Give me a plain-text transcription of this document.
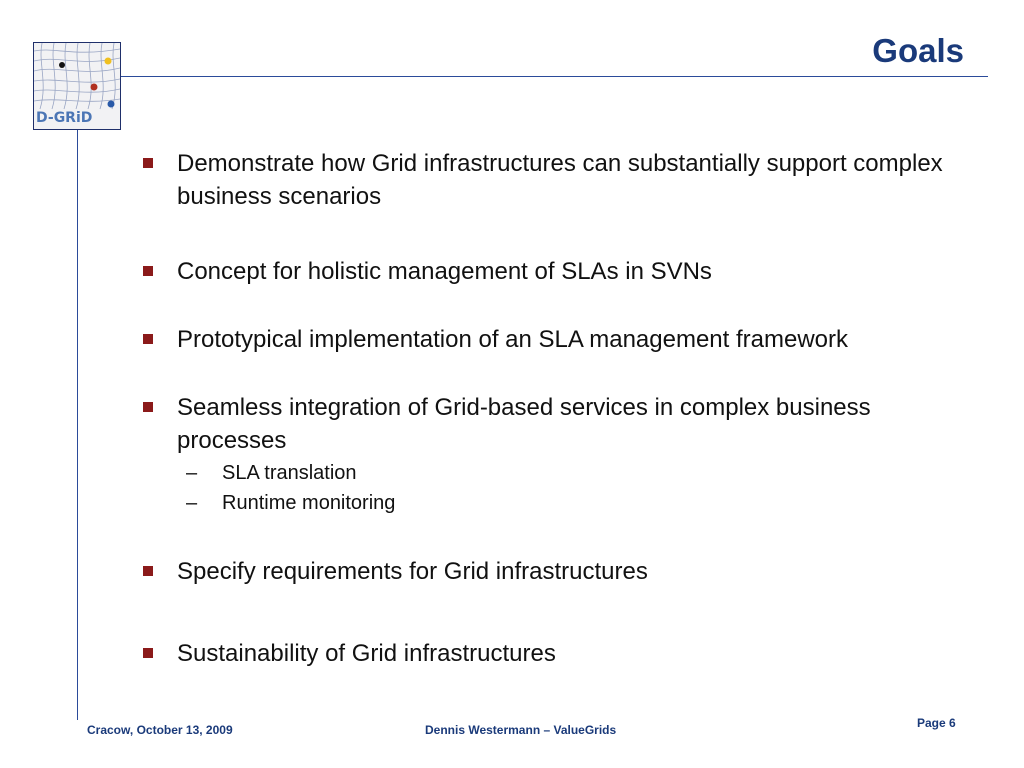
D-GRiD
Goals
Demonstrate how Grid infrastructures can substantially support complex business scenarios
Concept for holistic management of SLAs in SVNs
Prototypical implementation of an SLA management framework
Seamless integration of Grid-based services in complex business processes
– SLA translation
– Runtime monitoring
Specify requirements for Grid infrastructures
Sustainability of Grid infrastructures
Cracow, October 13, 2009	Dennis Westermann – ValueGrids	Page 6
